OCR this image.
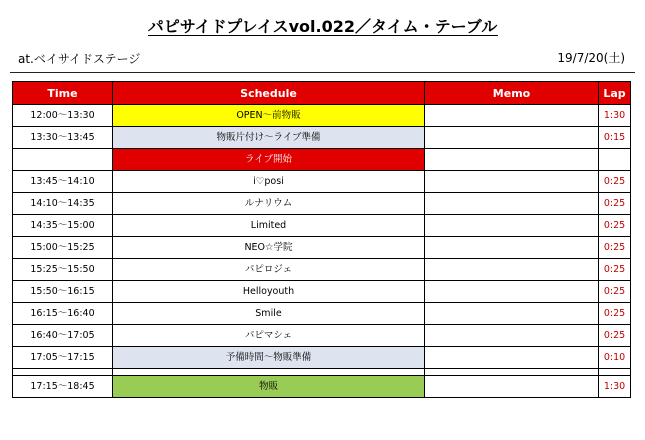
パピサイドプレイスvol.022／タイム・テーブル
at.ベイサイドステージ	19/7/20(土)
Time	Schedule	Memo	Lap
12:00～13:30	OPEN～前物販		1:30
13:30～13:45	物販片付け～ライブ準備		0:15
	ライブ開始		
13:45～14:10	i♡posi		0:25
14:10～14:35	ルナリウム		0:25
14:35～15:00	Limited		0:25
15:00～15:25	NEO☆学院		0:25
15:25～15:50	パピロジェ		0:25
15:50～16:15	Helloyouth		0:25
16:15～16:40	Smile		0:25
16:40～17:05	パピマシェ		0:25
17:05～17:15	予備時間～物販準備		0:10

17:15～18:45	物販		1:30
